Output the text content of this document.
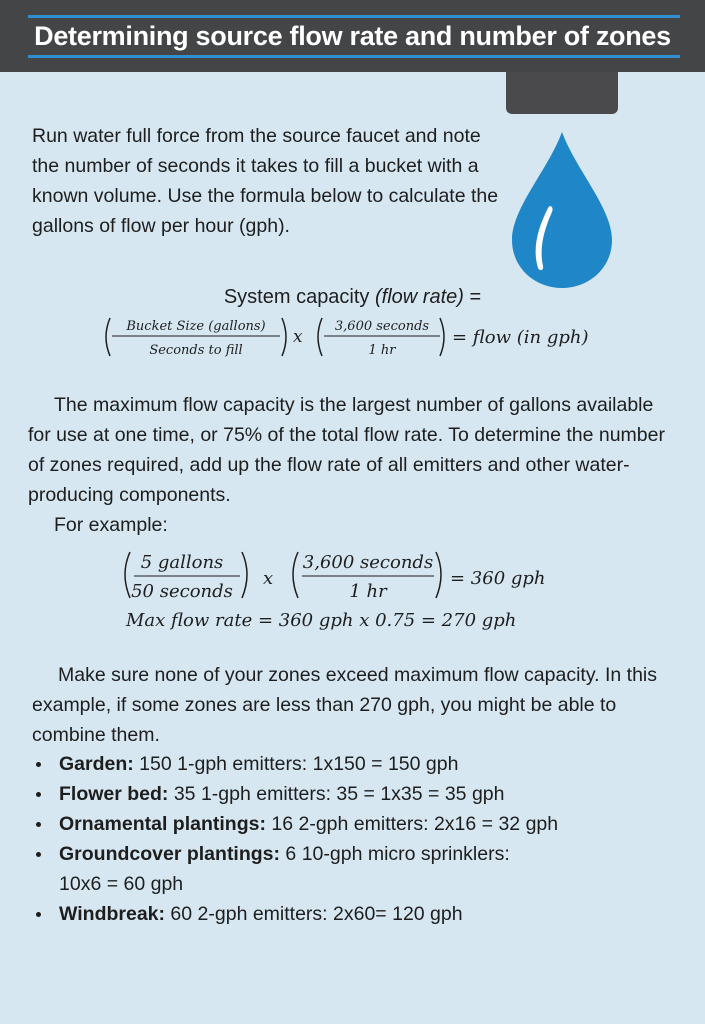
Determining source flow rate and number of zones
Run water full force from the source faucet and note the number of seconds it takes to fill a bucket with a known volume. Use the formula below to calculate the gallons of flow per hour (gph).
System capacity (flow rate) =
Bucket Size (gallons)
Seconds to fill
x
3,600 seconds
1 hr
= flow (in gph)
The maximum flow capacity is the largest number of gallons available for use at one time, or 75% of the total flow rate. To determine the number of zones required, add up the flow rate of all emitters and other water-producing components.
For example:
5 gallons
50 seconds
x
3,600 seconds
1 hr
= 360 gph
Max flow rate = 360 gph x 0.75 = 270 gph
Make sure none of your zones exceed maximum flow capacity. In this example, if some zones are less than 270 gph, you might be able to combine them.
Garden: 150 1-gph emitters: 1x150 = 150 gph
Flower bed: 35 1-gph emitters: 35 = 1x35 = 35 gph
Ornamental plantings: 16 2-gph emitters: 2x16 = 32 gph
Groundcover plantings: 6 10-gph micro sprinklers:
10x6 = 60 gph
Windbreak: 60 2-gph emitters: 2x60= 120 gph
